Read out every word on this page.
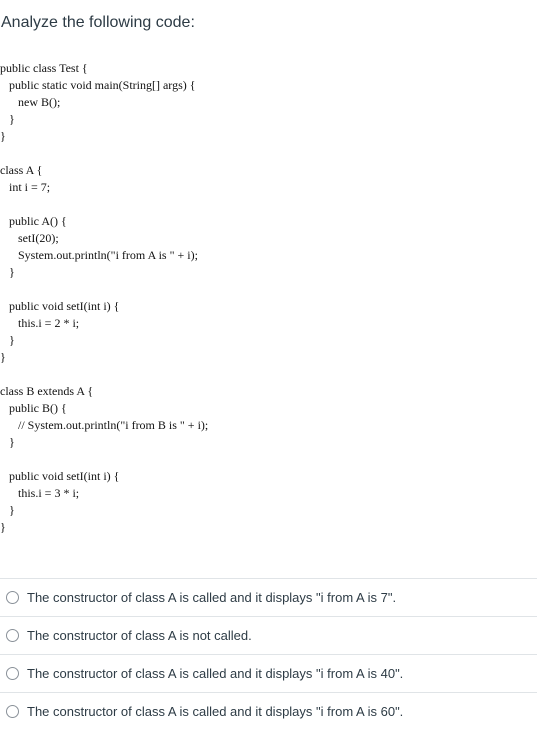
Analyze the following code:
public class Test {
public static void main(String[] args) {
new B();
}
}
class A {
int i = 7;
public A() {
setI(20);
System.out.println("i from A is " + i);
}
public void setI(int i) {
this.i = 2 * i;
}
}
class B extends A {
public B() {
// System.out.println("i from B is " + i);
}
public void setI(int i) {
this.i = 3 * i;
}
}
The constructor of class A is called and it displays "i from A is 7".
The constructor of class A is not called.
The constructor of class A is called and it displays "i from A is 40".
The constructor of class A is called and it displays "i from A is 60".
